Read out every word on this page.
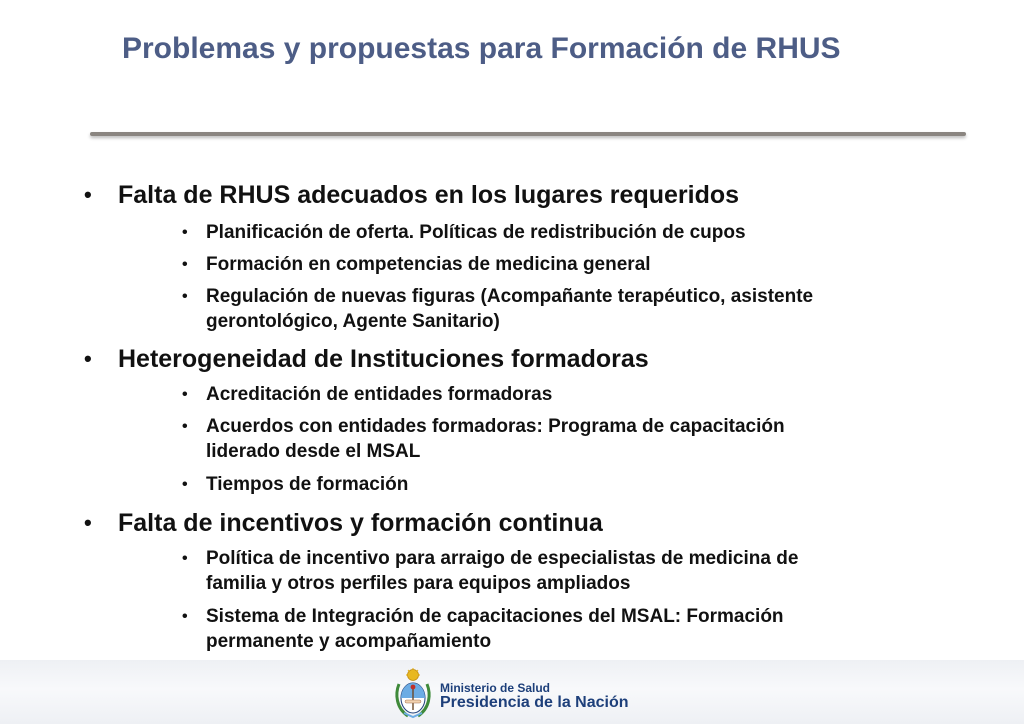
Problemas y propuestas para Formación de RHUS
• Falta de RHUS adecuados en los lugares requeridos
• Planificación de oferta. Políticas de redistribución de cupos
• Formación en competencias de medicina general
• Regulación de nuevas figuras (Acompañante terapéutico, asistente
gerontológico, Agente Sanitario)
• Heterogeneidad de Instituciones formadoras
• Acreditación de entidades formadoras
• Acuerdos con entidades formadoras: Programa de capacitación
liderado desde el MSAL
• Tiempos de formación
• Falta de incentivos y formación continua
• Política de incentivo para arraigo de especialistas de medicina de
familia y otros perfiles para equipos ampliados
• Sistema de Integración de capacitaciones del MSAL: Formación
permanente y acompañamiento
Ministerio de Salud
Presidencia de la Nación
